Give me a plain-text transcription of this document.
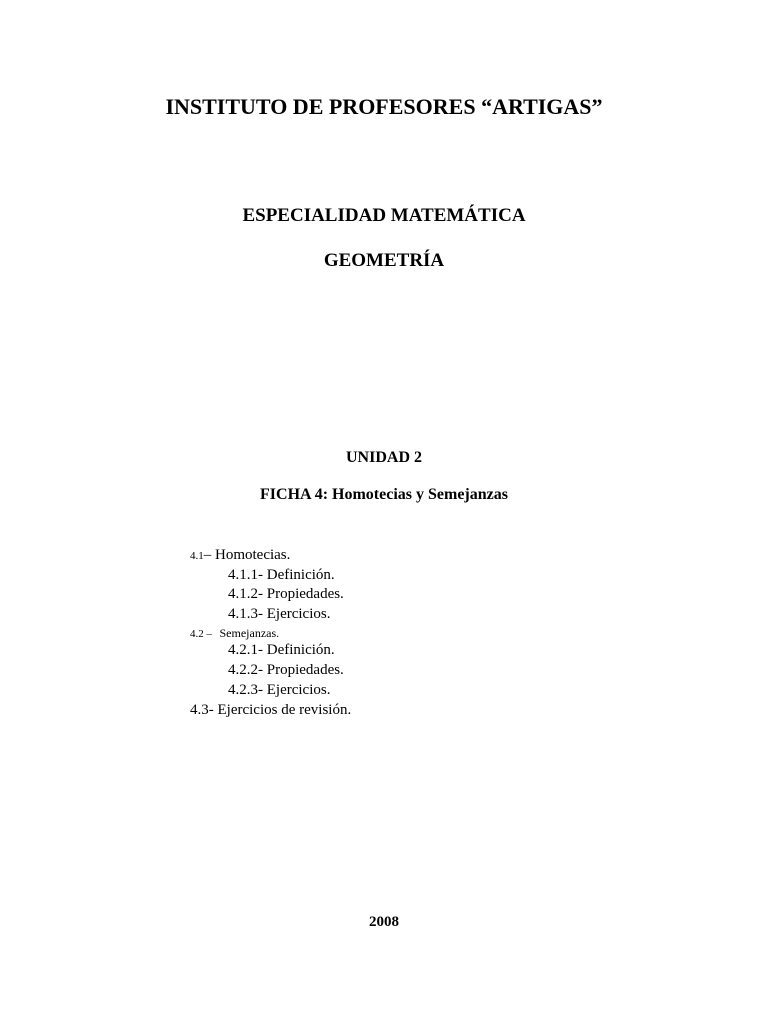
INSTITUTO DE PROFESORES “ARTIGAS”
ESPECIALIDAD MATEMÁTICA
GEOMETRÍA
UNIDAD 2
FICHA 4: Homotecias y Semejanzas
4.1– Homotecias.
4.1.1- Definición.
4.1.2- Propiedades.
4.1.3- Ejercicios.
4.2 – Semejanzas.
4.2.1- Definición.
4.2.2- Propiedades.
4.2.3- Ejercicios.
4.3- Ejercicios de revisión.
2008
